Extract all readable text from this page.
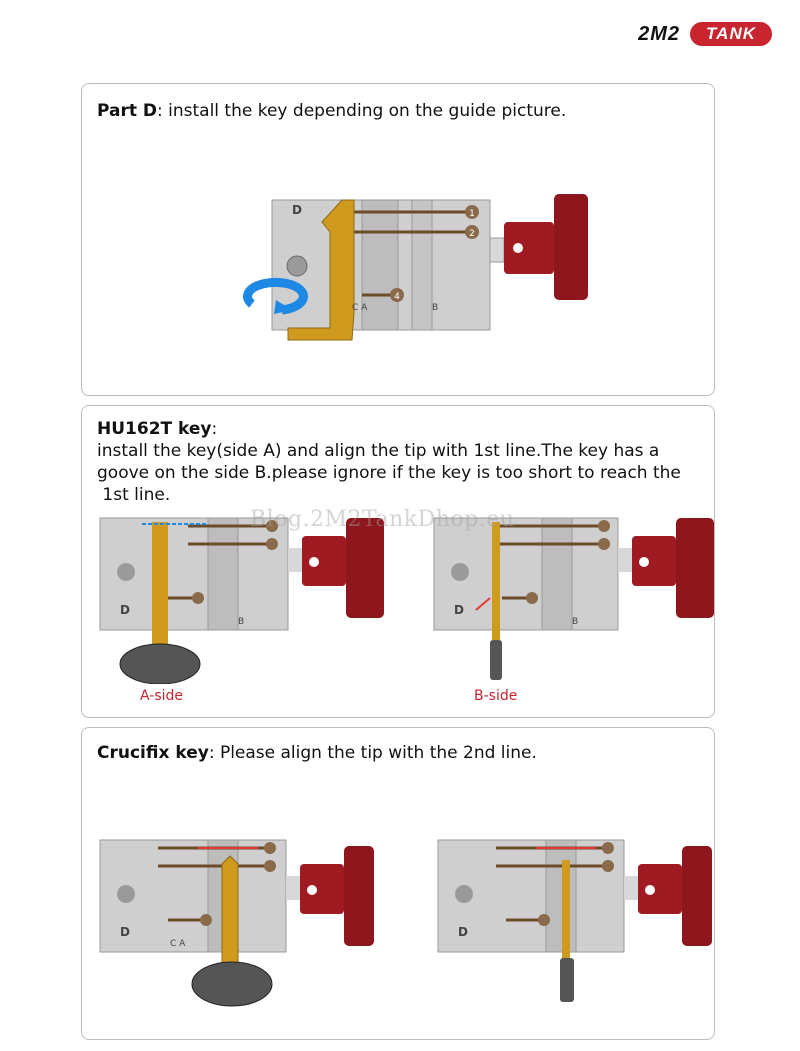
2M2	TANK

Part D: install the key depending on the guide picture.

1
2
4
D
C A	B

HU162T key:

install the key(side A) and align the tip with 1st line.The key has a

goove on the side B.please ignore if the key is too short to reach the

1st line.

D
B
A-side
D
B
B-side
Blog.2M2TankDhop.eu

Crucifix key: Please align the tip with the 2nd line.

D
C A
D
